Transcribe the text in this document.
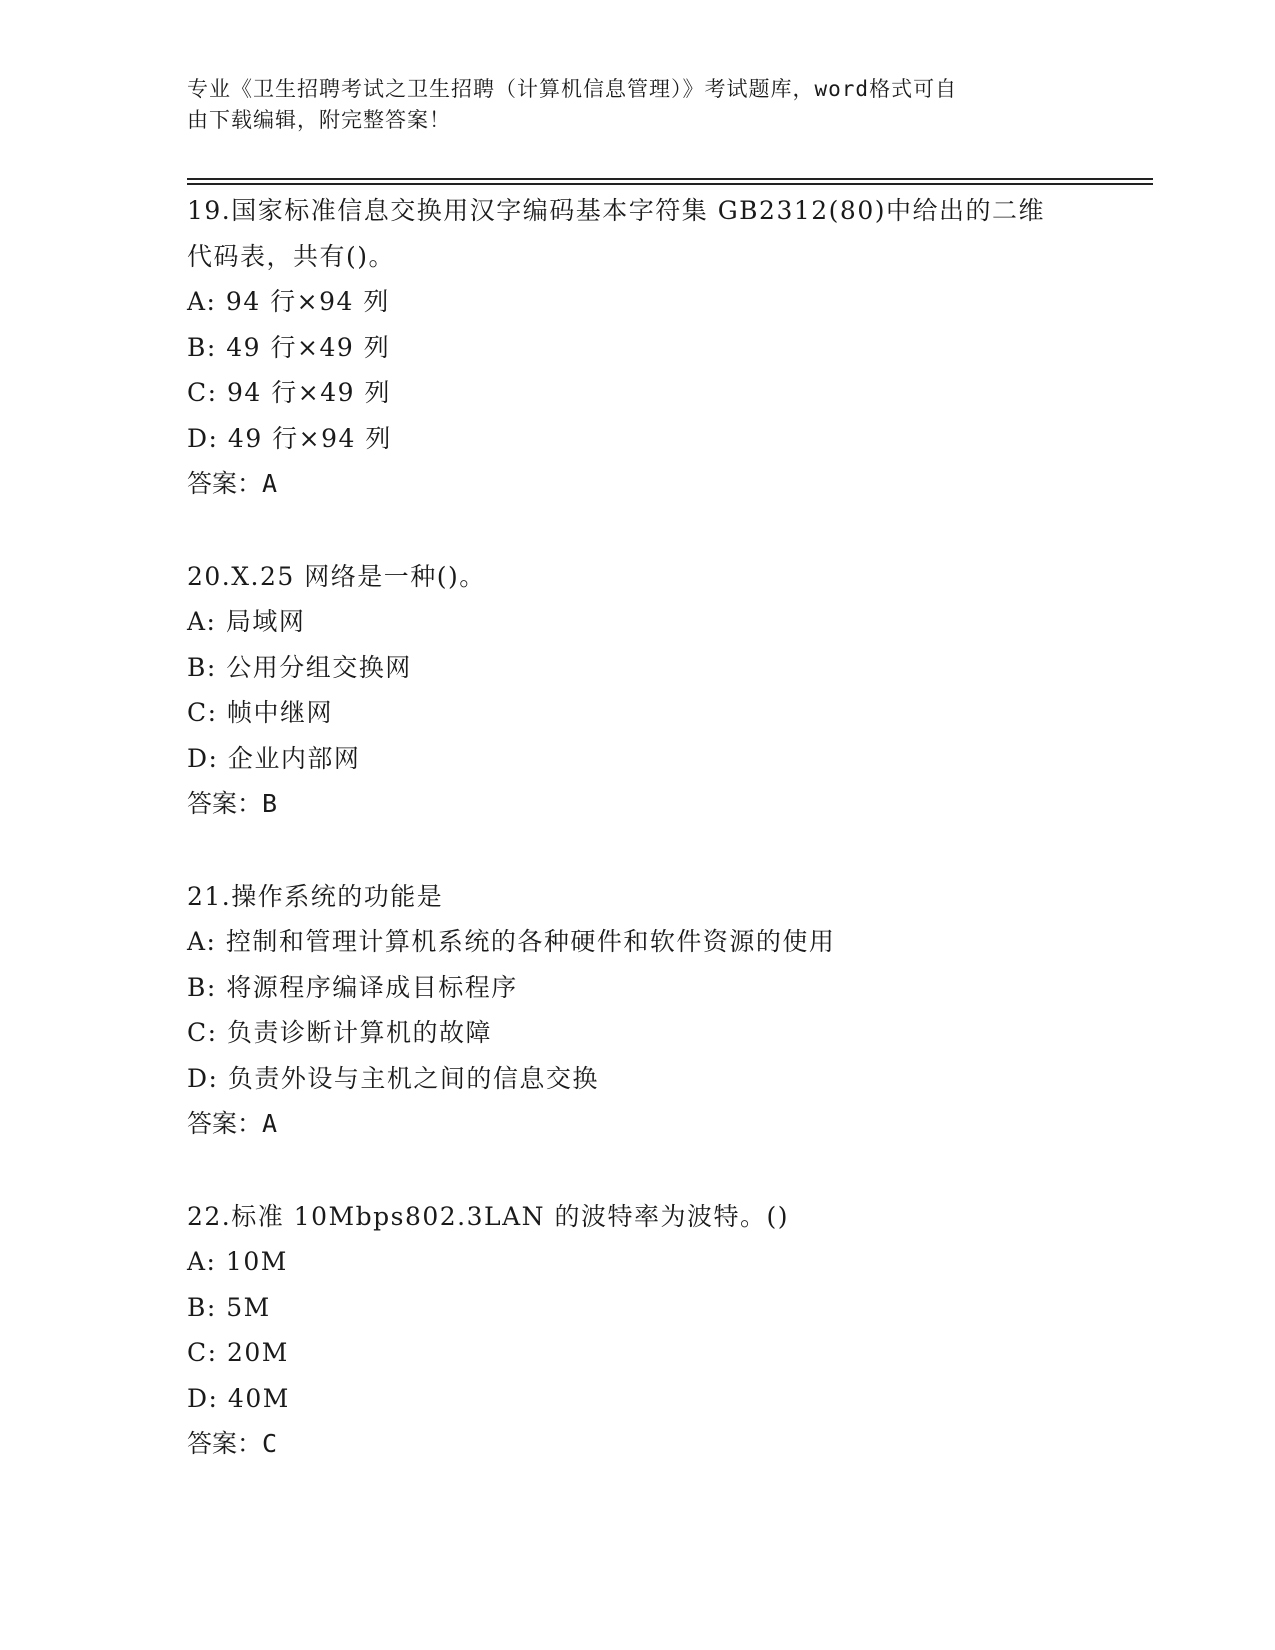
专业《卫生招聘考试之卫生招聘（计算机信息管理）》考试题库，word格式可自
由下载编辑，附完整答案！
19.国家标准信息交换用汉字编码基本字符集 GB2312(80)中给出的二维代码表，共有()。
A: 94 行×94 列
B: 49 行×49 列
C: 94 行×49 列
D: 49 行×94 列
答案：A
20.X.25 网络是一种()。
A: 局域网
B: 公用分组交换网
C: 帧中继网
D: 企业内部网
答案：B
21.操作系统的功能是
A: 控制和管理计算机系统的各种硬件和软件资源的使用
B: 将源程序编译成目标程序
C: 负责诊断计算机的故障
D: 负责外设与主机之间的信息交换
答案：A
22.标准 10Mbps802.3LAN 的波特率为波特。()
A: 10M
B: 5M
C: 20M
D: 40M
答案：C
